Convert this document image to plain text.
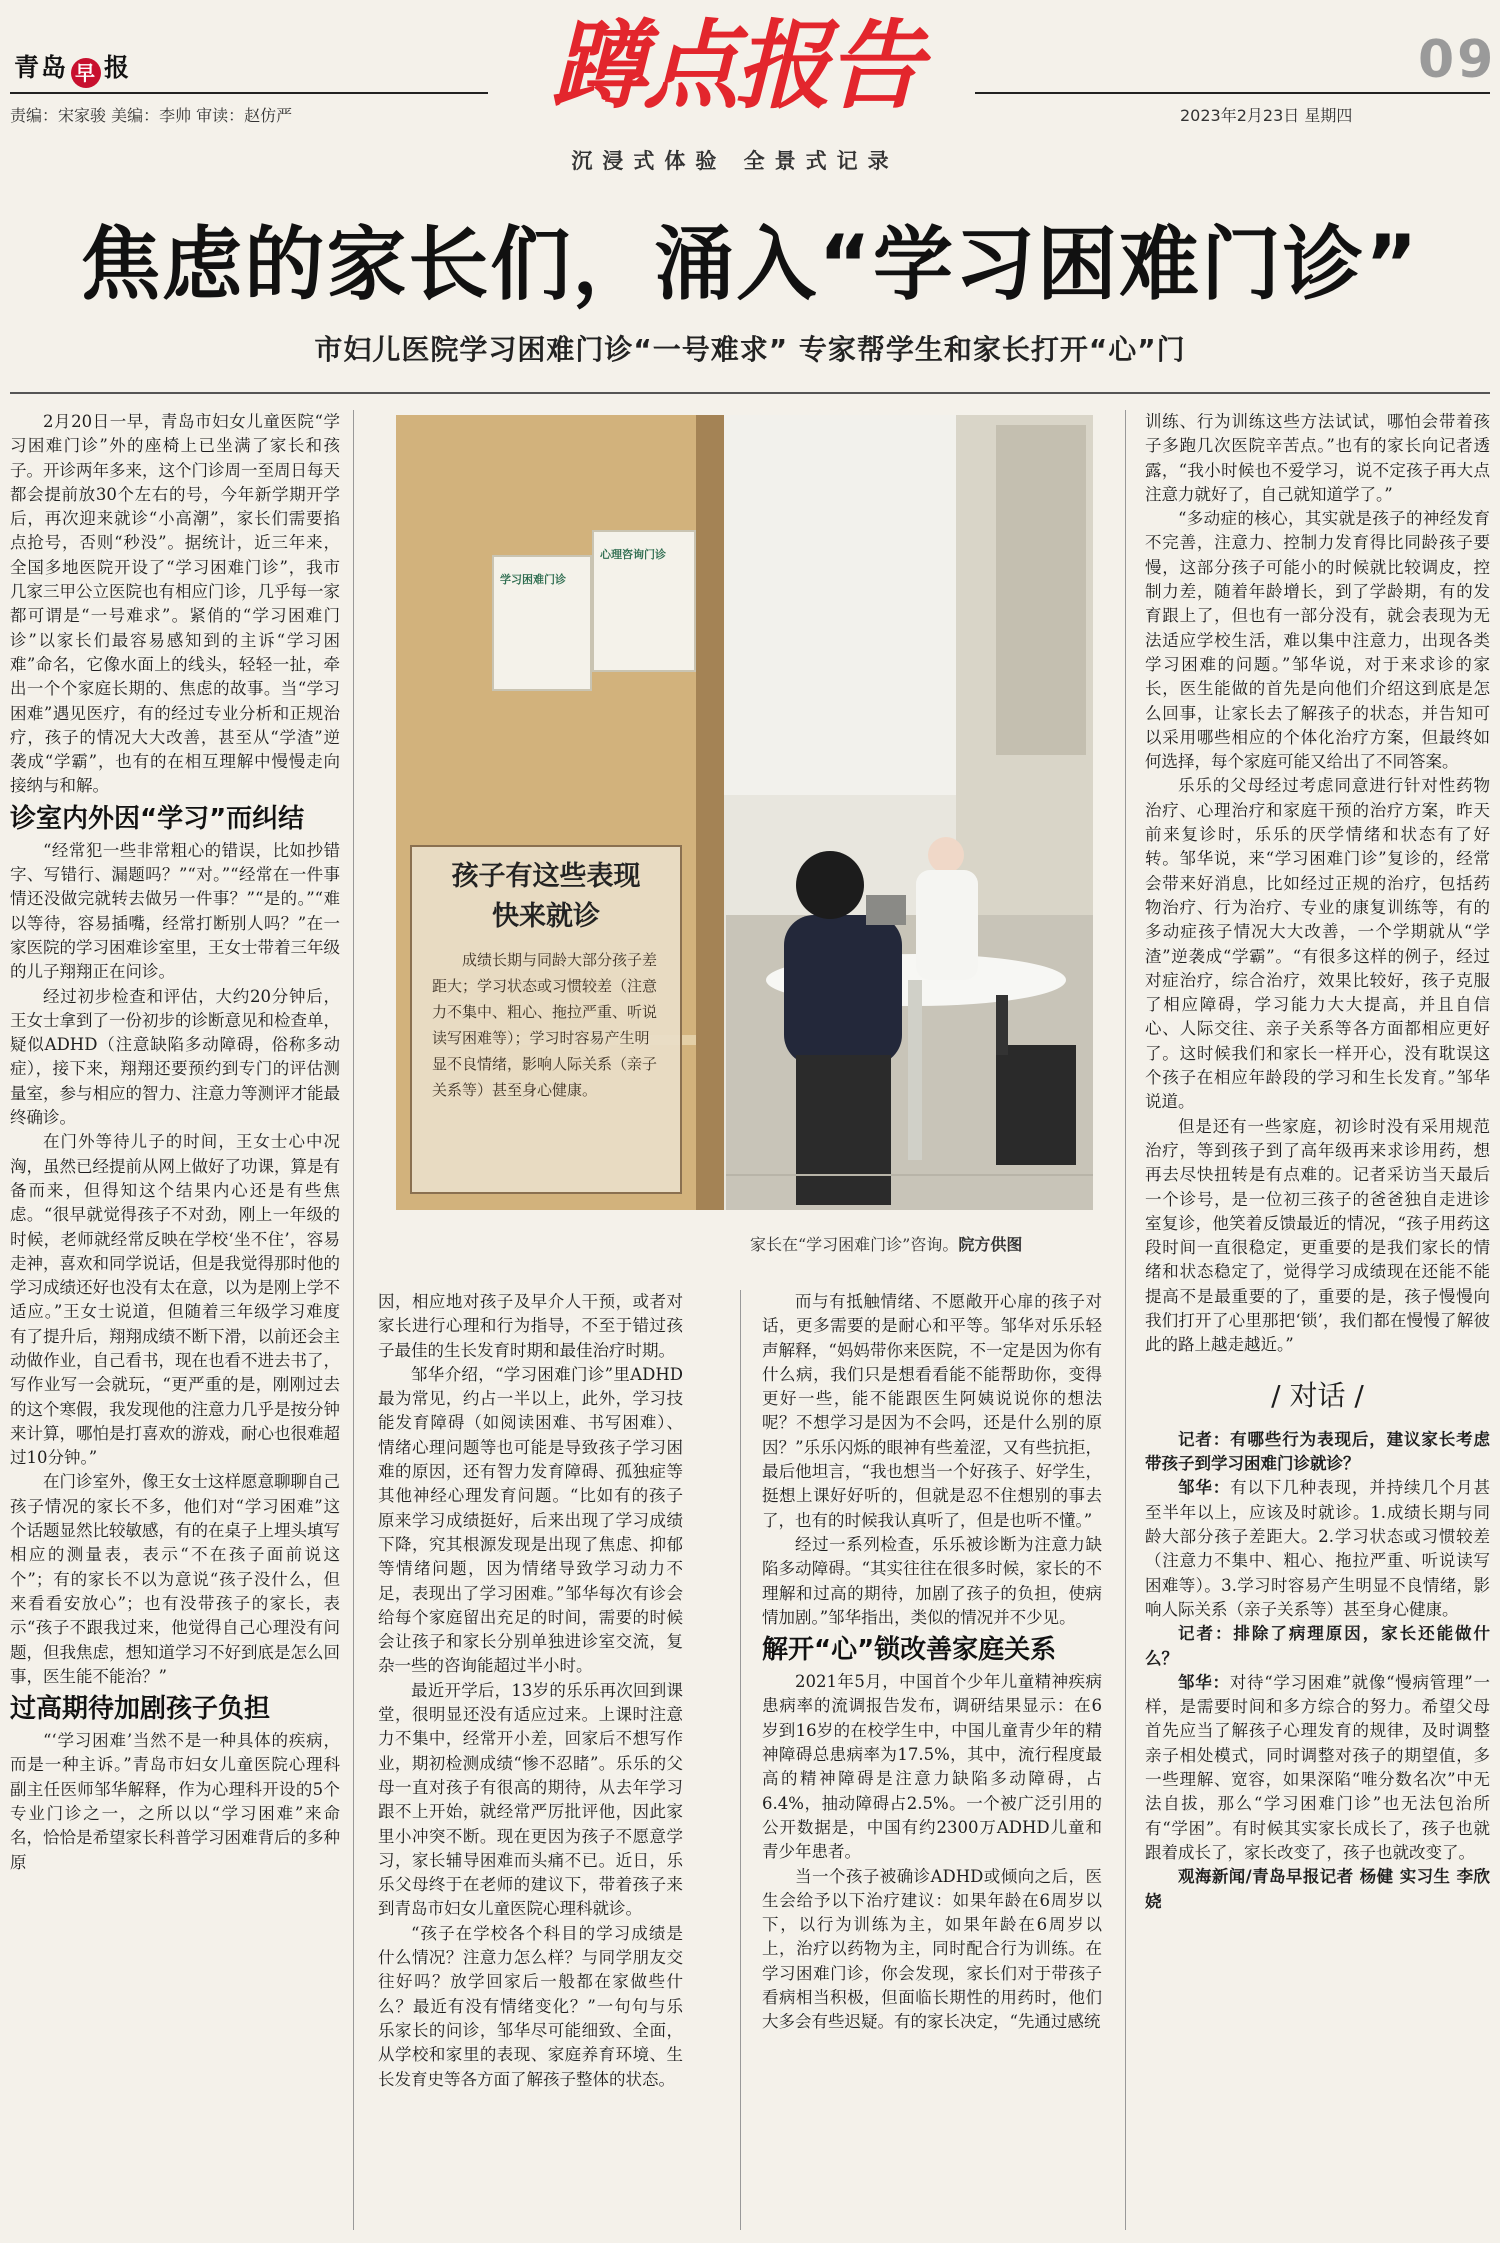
青岛 早 报
责编：宋家骏 美编：李帅 审读：赵仿严	蹲点报告
沉浸式体验 全景式记录
09
2023年2月23日 星期四
焦虑的家长们，涌入“学习困难门诊”
市妇儿医院学习困难门诊“一号难求” 专家帮学生和家长打开“心”门

2月20日一早，青岛市妇女儿童医院“学习困难门诊”外的座椅上已坐满了家长和孩子。开诊两年多来，这个门诊周一至周日每天都会提前放30个左右的号，今年新学期开学后，再次迎来就诊“小高潮”，家长们需要掐点抢号，否则“秒没”。据统计，近三年来，全国多地医院开设了“学习困难门诊”，我市几家三甲公立医院也有相应门诊，几乎每一家都可谓是“一号难求”。紧俏的“学习困难门诊”以家长们最容易感知到的主诉“学习困难”命名，它像水面上的线头，轻轻一扯，牵出一个个家庭长期的、焦虑的故事。当“学习困难”遇见医疗，有的经过专业分析和正规治疗，孩子的情况大大改善，甚至从“学渣”逆袭成“学霸”，也有的在相互理解中慢慢走向接纳与和解。

诊室内外因“学习”而纠结

“经常犯一些非常粗心的错误，比如抄错字、写错行、漏题吗？”“对。”“经常在一件事情还没做完就转去做另一件事？”“是的。”“难以等待，容易插嘴，经常打断别人吗？”在一家医院的学习困难诊室里，王女士带着三年级的儿子翔翔正在问诊。

经过初步检查和评估，大约20分钟后，王女士拿到了一份初步的诊断意见和检查单，疑似ADHD（注意缺陷多动障碍，俗称多动症），接下来，翔翔还要预约到专门的评估测量室，参与相应的智力、注意力等测评才能最终确诊。

在门外等待儿子的时间，王女士心中况洶，虽然已经提前从网上做好了功课，算是有备而来，但得知这个结果内心还是有些焦虑。“很早就觉得孩子不对劲，刚上一年级的时候，老师就经常反映在学校‘坐不住’，容易走神，喜欢和同学说话，但是我觉得那时他的学习成绩还好也没有太在意，以为是刚上学不适应。”王女士说道，但随着三年级学习难度有了提升后，翔翔成绩不断下滑，以前还会主动做作业，自己看书，现在也看不进去书了，写作业写一会就玩，“更严重的是，刚刚过去的这个寒假，我发现他的注意力几乎是按分钟来计算，哪怕是打喜欢的游戏，耐心也很难超过10分钟。”

在门诊室外，像王女士这样愿意聊聊自己孩子情况的家长不多，他们对“学习困难”这个话题显然比较敏感，有的在桌子上埋头填写相应的测量表，表示“不在孩子面前说这个”；有的家长不以为意说“孩子没什么，但来看看安放心”；也有没带孩子的家长，表示“孩子不跟我过来，他觉得自己心理没有问题，但我焦虑，想知道学习不好到底是怎么回事，医生能不能治？”

过高期待加剧孩子负担

“‘学习困难’当然不是一种具体的疾病，而是一种主诉。”青岛市妇女儿童医院心理科副主任医师邹华解释，作为心理科开设的5个专业门诊之一，之所以以“学习困难”来命名，恰恰是希望家长科普学习困难背后的多种原

学习困难门诊
心理咨询门诊
孩子有这些表现
快来就诊
成绩长期与同龄大部分孩子差距大；学习状态或习惯较差（注意力不集中、粗心、拖拉严重、听说读写困难等）；学习时容易产生明显不良情绪，影响人际关系（亲子关系等）甚至身心健康。
家长在“学习困难门诊”咨询。院方供图

因，相应地对孩子及早介人干预，或者对家长进行心理和行为指导，不至于错过孩子最佳的生长发育时期和最佳治疗时期。

邹华介绍，“学习困难门诊”里ADHD最为常见，约占一半以上，此外，学习技能发育障碍（如阅读困难、书写困难）、情绪心理问题等也可能是导致孩子学习困难的原因，还有智力发育障碍、孤独症等其他神经心理发育问题。“比如有的孩子原来学习成绩挺好，后来出现了学习成绩下降，究其根源发现是出现了焦虑、抑郁等情绪问题，因为情绪导致学习动力不足，表现出了学习困难。”邹华每次有诊会给每个家庭留出充足的时间，需要的时候会让孩子和家长分别单独进诊室交流，复杂一些的咨询能超过半小时。

最近开学后，13岁的乐乐再次回到课堂，很明显还没有适应过来。上课时注意力不集中，经常开小差，回家后不想写作业，期初检测成绩“惨不忍睹”。乐乐的父母一直对孩子有很高的期待，从去年学习跟不上开始，就经常严厉批评他，因此家里小冲突不断。现在更因为孩子不愿意学习，家长辅导困难而头痛不已。近日，乐乐父母终于在老师的建议下，带着孩子来到青岛市妇女儿童医院心理科就诊。

“孩子在学校各个科目的学习成绩是什么情况？注意力怎么样？与同学朋友交往好吗？放学回家后一般都在家做些什么？最近有没有情绪变化？”一句句与乐乐家长的问诊，邹华尽可能细致、全面，从学校和家里的表现、家庭养育环境、生长发育史等各方面了解孩子整体的状态。

而与有抵触情绪、不愿敞开心扉的孩子对话，更多需要的是耐心和平等。邹华对乐乐轻声解释，“妈妈带你来医院，不一定是因为你有什么病，我们只是想看看能不能帮助你，变得更好一些，能不能跟医生阿姨说说你的想法呢？不想学习是因为不会吗，还是什么别的原因？”乐乐闪烁的眼神有些羞涩，又有些抗拒，最后他坦言，“我也想当一个好孩子、好学生，挺想上课好好听的，但就是忍不住想别的事去了，也有的时候我认真听了，但是也听不懂。”

经过一系列检查，乐乐被诊断为注意力缺陷多动障碍。“其实往往在很多时候，家长的不理解和过高的期待，加剧了孩子的负担，使病情加剧。”邹华指出，类似的情况并不少见。

解开“心”锁改善家庭关系

2021年5月，中国首个少年儿童精神疾病患病率的流调报告发布，调研结果显示：在6岁到16岁的在校学生中，中国儿童青少年的精神障碍总患病率为17.5%，其中，流行程度最高的精神障碍是注意力缺陷多动障碍，占6.4%，抽动障碍占2.5%。一个被广泛引用的公开数据是，中国有约2300万ADHD儿童和青少年患者。

当一个孩子被确诊ADHD或倾向之后，医生会给予以下治疗建议：如果年龄在6周岁以下，以行为训练为主，如果年龄在6周岁以上，治疗以药物为主，同时配合行为训练。在学习困难门诊，你会发现，家长们对于带孩子看病相当积极，但面临长期性的用药时，他们大多会有些迟疑。有的家长决定，“先通过感统

训练、行为训练这些方法试试，哪怕会带着孩子多跑几次医院辛苦点。”也有的家长向记者透露，“我小时候也不爱学习，说不定孩子再大点注意力就好了，自己就知道学了。”

“多动症的核心，其实就是孩子的神经发育不完善，注意力、控制力发育得比同龄孩子要慢，这部分孩子可能小的时候就比较调皮，控制力差，随着年龄增长，到了学龄期，有的发育跟上了，但也有一部分没有，就会表现为无法适应学校生活，难以集中注意力，出现各类学习困难的问题。”邹华说，对于来求诊的家长，医生能做的首先是向他们介绍这到底是怎么回事，让家长去了解孩子的状态，并告知可以采用哪些相应的个体化治疗方案，但最终如何选择，每个家庭可能又给出了不同答案。

乐乐的父母经过考虑同意进行针对性药物治疗、心理治疗和家庭干预的治疗方案，昨天前来复诊时，乐乐的厌学情绪和状态有了好转。邹华说，来“学习困难门诊”复诊的，经常会带来好消息，比如经过正规的治疗，包括药物治疗、行为治疗、专业的康复训练等，有的多动症孩子情况大大改善，一个学期就从“学渣”逆袭成“学霸”。“有很多这样的例子，经过对症治疗，综合治疗，效果比较好，孩子克服了相应障碍，学习能力大大提高，并且自信心、人际交往、亲子关系等各方面都相应更好了。这时候我们和家长一样开心，没有耽误这个孩子在相应年龄段的学习和生长发育。”邹华说道。

但是还有一些家庭，初诊时没有采用规范治疗，等到孩子到了高年级再来求诊用药，想再去尽快扭转是有点难的。记者采访当天最后一个诊号，是一位初三孩子的爸爸独自走进诊室复诊，他笑着反馈最近的情况，“孩子用药这段时间一直很稳定，更重要的是我们家长的情绪和状态稳定了，觉得学习成绩现在还能不能提高不是最重要的了，重要的是，孩子慢慢向我们打开了心里那把‘锁’，我们都在慢慢了解彼此的路上越走越近。”

/ 对话 /

记者：有哪些行为表现后，建议家长考虑带孩子到学习困难门诊就诊？

邹华：有以下几种表现，并持续几个月甚至半年以上，应该及时就诊。1.成绩长期与同龄大部分孩子差距大。2.学习状态或习惯较差（注意力不集中、粗心、拖拉严重、听说读写困难等）。3.学习时容易产生明显不良情绪，影响人际关系（亲子关系等）甚至身心健康。

记者：排除了病理原因，家长还能做什么？

邹华：对待“学习困难”就像“慢病管理”一样，是需要时间和多方综合的努力。希望父母首先应当了解孩子心理发育的规律，及时调整亲子相处模式，同时调整对孩子的期望值，多一些理解、宽容，如果深陷“唯分数名次”中无法自拔，那么“学习困难门诊”也无法包治所有“学困”。有时候其实家长成长了，孩子也就跟着成长了，家长改变了，孩子也就改变了。

观海新闻/青岛早报记者 杨健 实习生 李欣娆
